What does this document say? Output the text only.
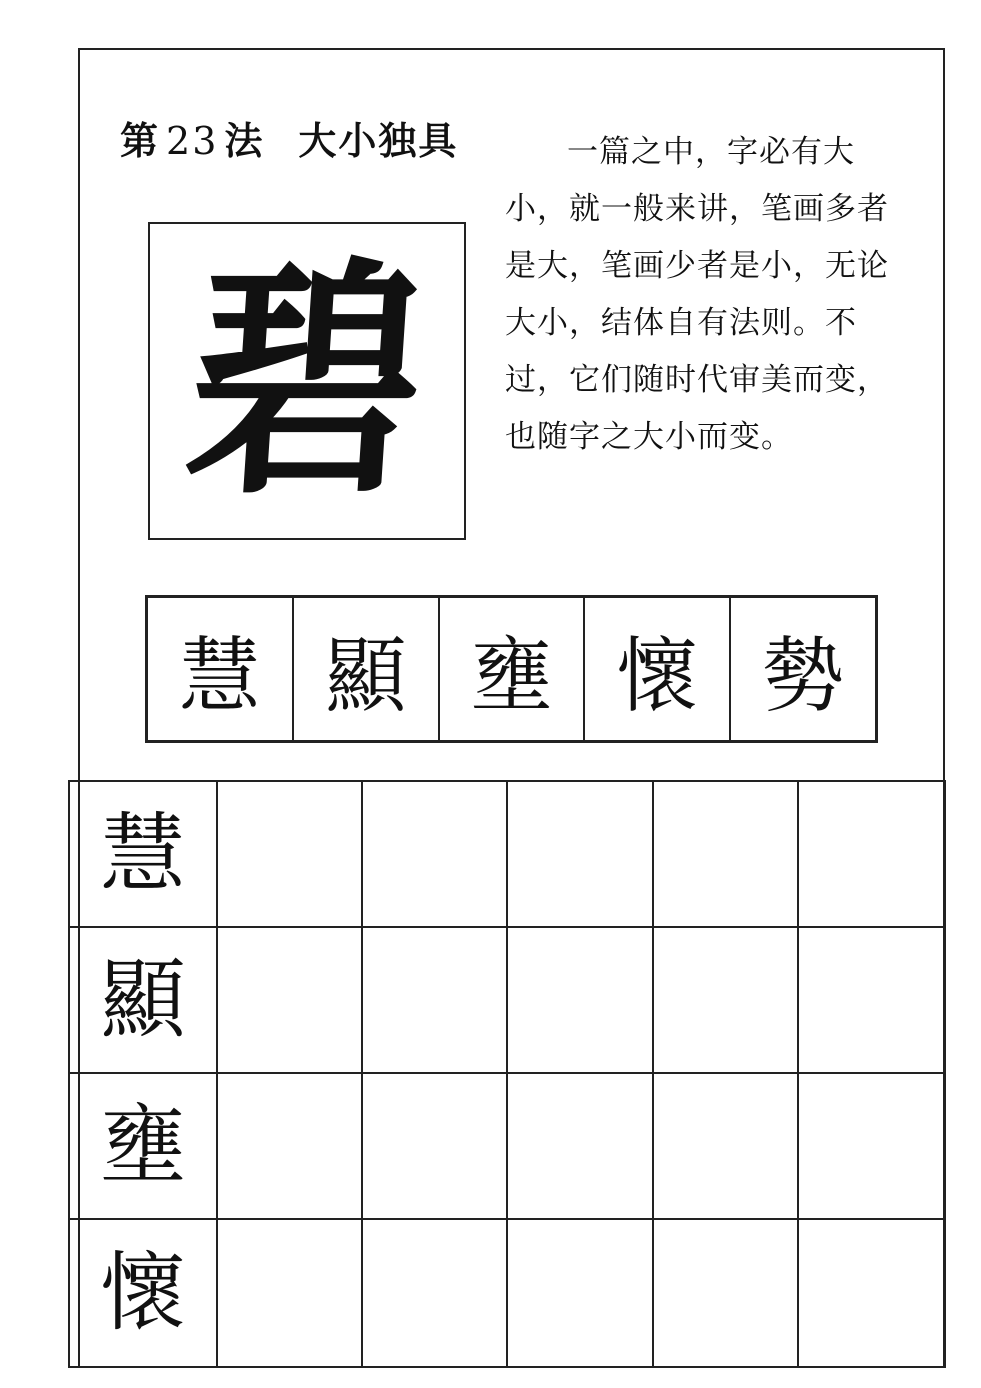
第 23 法 大小独具	一篇之中，字必有大小，就一般来讲，笔画多者是大，笔画少者是小，无论大小，结体自有法则。不过，它们随时代审美而变，也随字之大小而变。
碧
慧 顯 壅 懷 勢
慧
顯
壅
懷
